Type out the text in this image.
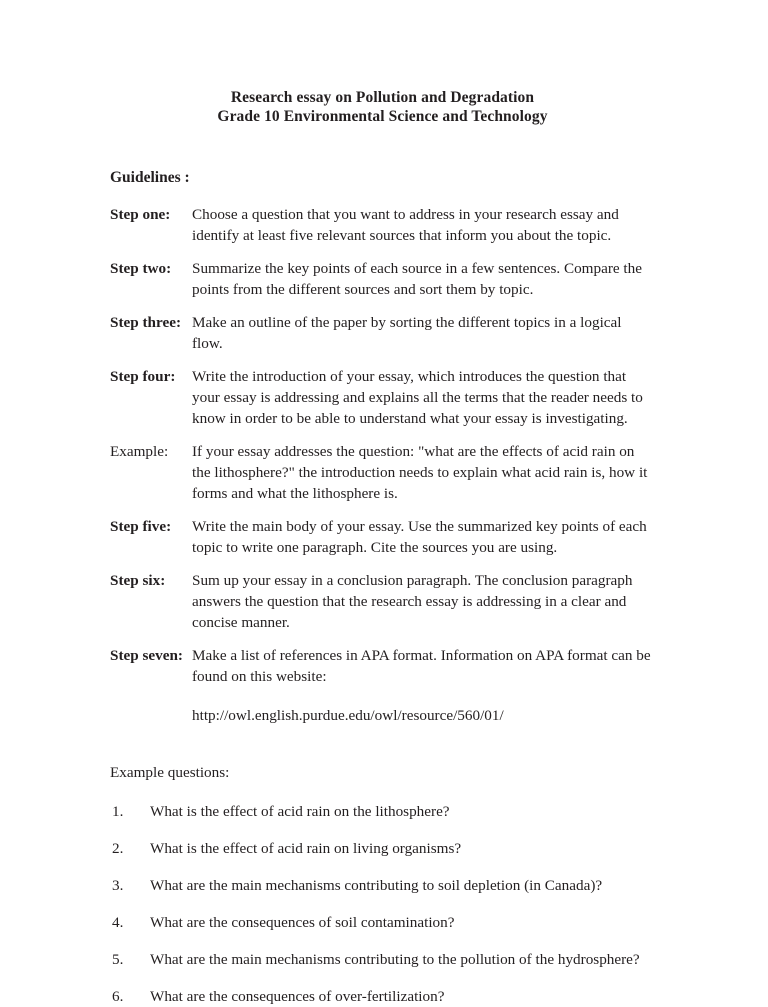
Research essay on Pollution and Degradation
Grade 10 Environmental Science and Technology
Guidelines :
Step one: Choose a question that you want to address in your research essay and identify at least five relevant sources that inform you about the topic.
Step two: Summarize the key points of each source in a few sentences. Compare the points from the different sources and sort them by topic.
Step three: Make an outline of the paper by sorting the different topics in a logical flow.
Step four: Write the introduction of your essay, which introduces the question that your essay is addressing and explains all the terms that the reader needs to know in order to be able to understand what your essay is investigating.
Example: If your essay addresses the question: "what are the effects of acid rain on the lithosphere?" the introduction needs to explain what acid rain is, how it forms and what the lithosphere is.
Step five: Write the main body of your essay. Use the summarized key points of each topic to write one paragraph. Cite the sources you are using.
Step six: Sum up your essay in a conclusion paragraph. The conclusion paragraph answers the question that the research essay is addressing in a clear and concise manner.
Step seven: Make a list of references in APA format. Information on APA format can be found on this website:
http://owl.english.purdue.edu/owl/resource/560/01/
Example questions:
1. What is the effect of acid rain on the lithosphere?
2. What is the effect of acid rain on living organisms?
3. What are the main mechanisms contributing to soil depletion (in Canada)?
4. What are the consequences of soil contamination?
5. What are the main mechanisms contributing to the pollution of the hydrosphere?
6. What are the consequences of over-fertilization?
